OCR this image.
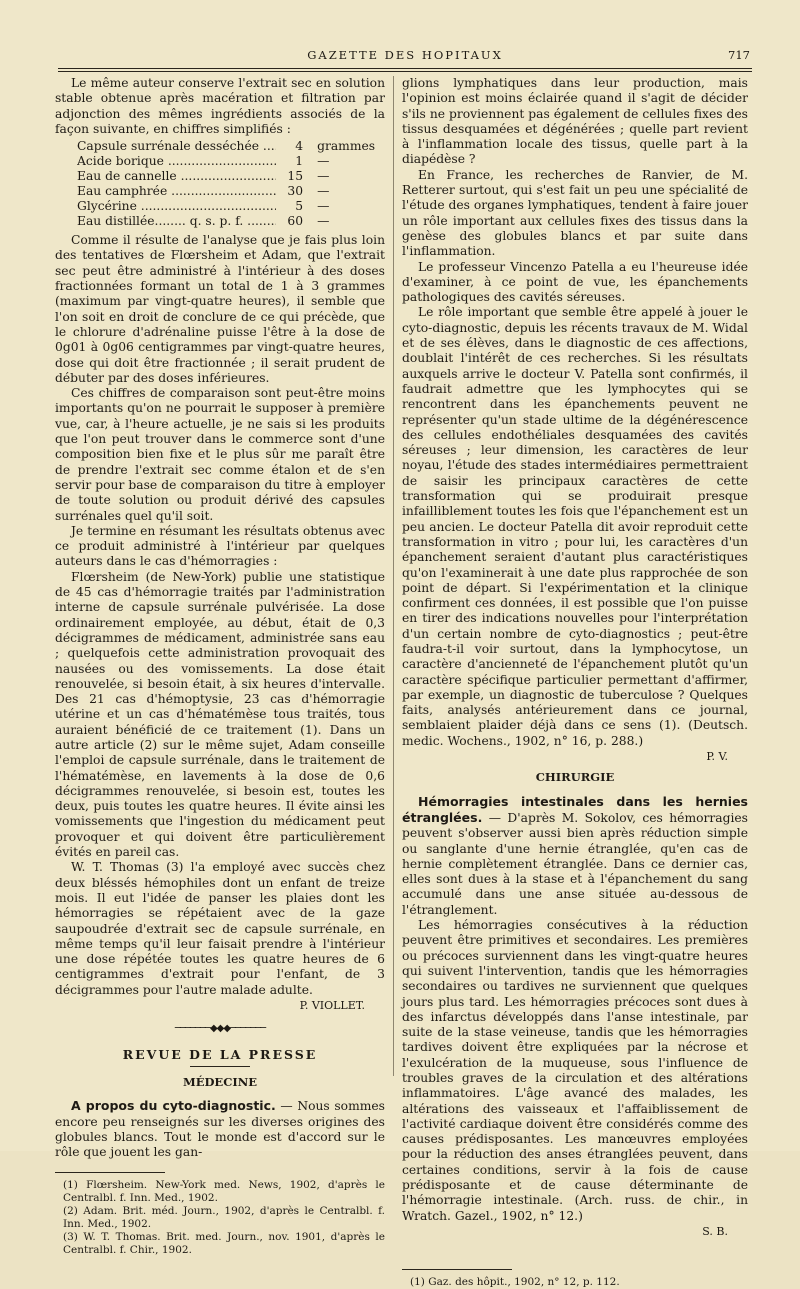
GAZETTE DES HOPITAUX	717

Le même auteur conserve l'extrait sec en solution stable obtenue après macération et filtration par adjonction des mêmes ingrédients associés de la façon suivante, en chiffres simplifiés :

Capsule surrénale desséchée .....	4	grammes
Acide borique .....	1	—
Eau de cannelle .....	15	—
Eau camphrée .....	30	—
Glycérine .....	5	—
Eau distillée........ q. s. p. f. .....	60	—

Comme il résulte de l'analyse que je fais plus loin des tentatives de Flœrsheim et Adam, que l'extrait sec peut être administré à l'intérieur à des doses fractionnées formant un total de 1 à 3 grammes (maximum par vingt-quatre heures), il semble que l'on soit en droit de conclure de ce qui précède, que le chlorure d'adrénaline puisse l'être à la dose de 0g01 à 0g06 centigrammes par vingt-quatre heures, dose qui doit être fractionnée ; il serait prudent de débuter par des doses inférieures.

Ces chiffres de comparaison sont peut-être moins importants qu'on ne pourrait le supposer à première vue, car, à l'heure actuelle, je ne sais si les produits que l'on peut trouver dans le commerce sont d'une composition bien fixe et le plus sûr me paraît être de prendre l'extrait sec comme étalon et de s'en servir pour base de comparaison du titre à employer de toute solution ou produit dérivé des capsules surrénales quel qu'il soit.

Je termine en résumant les résultats obtenus avec ce produit administré à l'intérieur par quelques auteurs dans le cas d'hémorragies :

Flœrsheim (de New-York) publie une statistique de 45 cas d'hémorragie traités par l'administration interne de capsule surrénale pulvérisée. La dose ordinairement employée, au début, était de 0,3 décigrammes de médicament, administrée sans eau ; quelquefois cette administration provoquait des nausées ou des vomissements. La dose était renouvelée, si besoin était, à six heures d'intervalle. Des 21 cas d'hémoptysie, 23 cas d'hémorragie utérine et un cas d'hématémèse tous traités, tous auraient bénéficié de ce traitement (1). Dans un autre article (2) sur le même sujet, Adam conseille l'emploi de capsule surrénale, dans le traitement de l'hématémèse, en lavements à la dose de 0,6 décigrammes renouvelée, si besoin est, toutes les deux, puis toutes les quatre heures. Il évite ainsi les vomissements que l'ingestion du médicament peut provoquer et qui doivent être particulièrement évités en pareil cas.

W. T. Thomas (3) l'a employé avec succès chez deux bléssés hémophiles dont un enfant de treize mois. Il eut l'idée de panser les plaies dont les hémorragies se répétaient avec de la gaze saupoudrée d'extrait sec de capsule surrénale, en même temps qu'il leur faisait prendre à l'intérieur une dose répétée toutes les quatre heures de 6 centigrammes d'extrait pour l'enfant, de 3 décigrammes pour l'autre malade adulte.

P. VIOLLET.
───────◆◆◆───────
REVUE DE LA PRESSE
MÉDECINE

A propos du cyto-diagnostic. — Nous sommes encore peu renseignés sur les diverses origines des globules blancs. Tout le monde est d'accord sur le rôle que jouent les gan-

(1) Flœrsheim. New-York med. News, 1902, d'après le Centralbl. f. Inn. Med., 1902.

(2) Adam. Brit. méd. Journ., 1902, d'après le Centralbl. f. Inn. Med., 1902.

(3) W. T. Thomas. Brit. med. Journ., nov. 1901, d'après le Centralbl. f. Chir., 1902.

glions lymphatiques dans leur production, mais l'opinion est moins éclairée quand il s'agit de décider s'ils ne proviennent pas également de cellules fixes des tissus desquamées et dégénérées ; quelle part revient à l'inflammation locale des tissus, quelle part à la diapédèse ?

En France, les recherches de Ranvier, de M. Retterer surtout, qui s'est fait un peu une spécialité de l'étude des organes lymphatiques, tendent à faire jouer un rôle important aux cellules fixes des tissus dans la genèse des globules blancs et par suite dans l'inflammation.

Le professeur Vincenzo Patella a eu l'heureuse idée d'examiner, à ce point de vue, les épanchements pathologiques des cavités séreuses.

Le rôle important que semble être appelé à jouer le cyto-diagnostic, depuis les récents travaux de M. Widal et de ses élèves, dans le diagnostic de ces affections, doublait l'intérêt de ces recherches. Si les résultats auxquels arrive le docteur V. Patella sont confirmés, il faudrait admettre que les lymphocytes qui se rencontrent dans les épanchements peuvent ne représenter qu'un stade ultime de la dégénérescence des cellules endothéliales desquamées des cavités séreuses ; leur dimension, les caractères de leur noyau, l'étude des stades intermédiaires permettraient de saisir les principaux caractères de cette transformation qui se produirait presque infailliblement toutes les fois que l'épanchement est un peu ancien. Le docteur Patella dit avoir reproduit cette transformation in vitro ; pour lui, les caractères d'un épanchement seraient d'autant plus caractéristiques qu'on l'examinerait à une date plus rapprochée de son point de départ. Si l'expérimentation et la clinique confirment ces données, il est possible que l'on puisse en tirer des indications nouvelles pour l'interprétation d'un certain nombre de cyto-diagnostics ; peut-être faudra-t-il voir surtout, dans la lymphocytose, un caractère d'ancienneté de l'épanchement plutôt qu'un caractère spécifique particulier permettant d'affirmer, par exemple, un diagnostic de tuberculose ? Quelques faits, analysés antérieurement dans ce journal, semblaient plaider déjà dans ce sens (1). (Deutsch. medic. Wochens., 1902, n° 16, p. 288.)

P. V.
CHIRURGIE

Hémorragies intestinales dans les hernies étranglées. — D'après M. Sokolov, ces hémorragies peuvent s'observer aussi bien après réduction simple ou sanglante d'une hernie étranglée, qu'en cas de hernie complètement étranglée. Dans ce dernier cas, elles sont dues à la stase et à l'épanchement du sang accumulé dans une anse située au-dessous de l'étranglement.

Les hémorragies consécutives à la réduction peuvent être primitives et secondaires. Les premières ou précoces surviennent dans les vingt-quatre heures qui suivent l'intervention, tandis que les hémorragies secondaires ou tardives ne surviennent que quelques jours plus tard. Les hémorragies précoces sont dues à des infarctus développés dans l'anse intestinale, par suite de la stase veineuse, tandis que les hémorragies tardives doivent être expliquées par la nécrose et l'exulcération de la muqueuse, sous l'influence de troubles graves de la circulation et des altérations inflammatoires. L'âge avancé des malades, les altérations des vaisseaux et l'affaiblissement de l'activité cardiaque doivent être considérés comme des causes prédisposantes. Les manœuvres employées pour la réduction des anses étranglées peuvent, dans certaines conditions, servir à la fois de cause prédisposante et de cause déterminante de l'hémorragie intestinale. (Arch. russ. de chir., in Wratch. Gazel., 1902, n° 12.)

S. B.

(1) Gaz. des hôpit., 1902, n° 12, p. 112.
